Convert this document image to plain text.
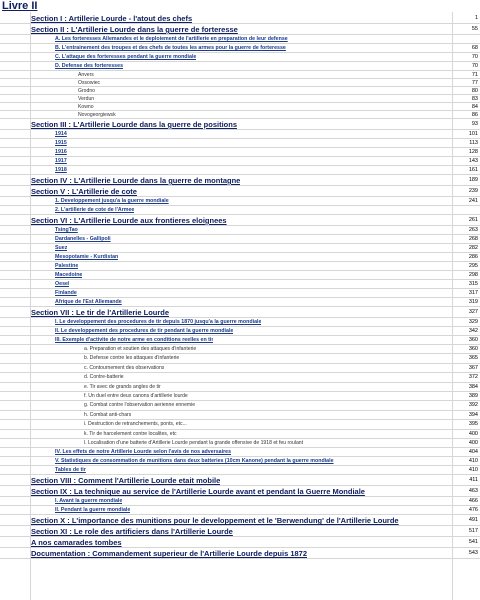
Livre II
Section I : Artillerie Lourde - l'atout des chefs	1
Section II : L'Artillerie Lourde dans la guerre de forteresse	55
A. Les forteresses Allemandes et le deploiement de l'artillerie en preparation de leur defense
B. L'entrainement des troupes et des chefs de toutes les armes pour la guerre de forteresse	68
C. L'attaque des forteresses pendant la guerre mondiale	70
D. Defense des forteresses	70
Anvers	71
Ossowiec	77
Grodno	80
Verdun	83
Kowno	84
Novogeorgiewsk	86
Section III : L'Artillerie Lourde dans la guerre de positions	93
1914	101
1915	113
1916	128
1917	143
1918	161
Section IV : L'Artillerie Lourde dans la guerre de montagne	189
Section V : L'Artillerie de cote	239
1. Developpement jusqu'a la guerre mondiale	241
2. L'artillerie de cote de l'Armee
Section VI : L'Artillerie Lourde aux frontieres eloignees	261
TsingTao	263
Dardanelles - Gallipoli	268
Suez	282
Mesopotamie - Kurdistan	286
Palestine	295
Macedoine	298
Oesel	315
Finlande	317
Afrique de l'Est Allemande	319
Section VII : Le tir de l'Artillerie Lourde	327
I. Le developpement des procedures de tir depuis 1870 jusqu'a la guerre mondiale	329
II. Le developpement des procedures de tir pendant la guerre mondiale	342
III. Exemple d'activite de notre arme en conditions reelles en tir	360
a. Preparation et soutien des attaques d'infanterie	360
b. Defense contre les attaques d'infanterie	365
c. Contournement des observations	367
d. Contre-batterie	372
e. Tir avec de grands angles de tir	384
f. Un duel entre deux canons d'artillerie lourde	389
g. Combat contre l'observation aerienne ennemie	392
h. Combat anti-chars	394
i. Destruction de retranchements, ponts, etc...	395
k. Tir de harcelement contre localites, etc	400
l. Localisation d'une batterie d'Artillerie Lourde pendant la grande offensive de 1918 et feu roulant	400
IV. Les effets de notre Artillerie Lourde selon l'avis de nos adversaires	404
V. Statistiques de consommation de munitions dans deux batteries (10cm Kanone) pendant la guerre mondiale	410
Tables de tir	410
Section VIII : Comment l'Artillerie Lourde etait mobile	411
Section IX : La technique au service de l'Artillerie Lourde avant et pendant la Guerre Mondiale	463
I. Avant la guerre mondiale	466
II. Pendant la guerre mondiale	476
Section X : L'importance des munitions pour le developpement et le 'Berwendung' de l'Artillerie Lourde	491
Section XI : Le role des artificiers dans l'Artillerie Lourde	517
A nos camarades tombes	541
Documentation : Commandement superieur de l'Artillerie Lourde depuis 1872	543
